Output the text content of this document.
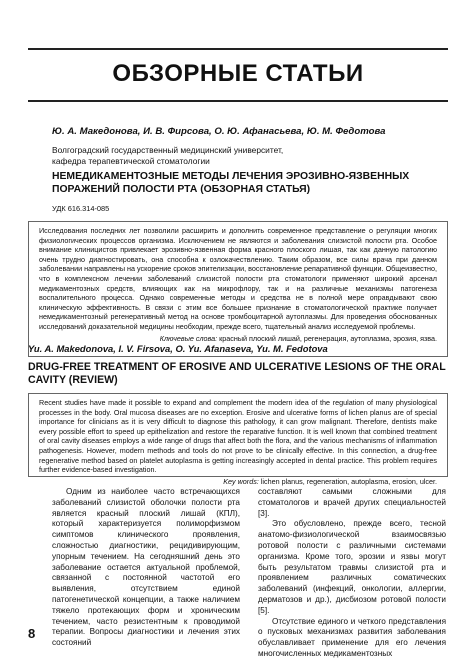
ОБЗОРНЫЕ СТАТЬИ
Ю. А. Македонова, И. В. Фирсова, О. Ю. Афанасьева, Ю. М. Федотова
Волгоградский государственный медицинский университет,
кафедра терапевтической стоматологии
НЕМЕДИКАМЕНТОЗНЫЕ МЕТОДЫ ЛЕЧЕНИЯ ЭРОЗИВНО-ЯЗВЕННЫХ ПОРАЖЕНИЙ ПОЛОСТИ РТА (ОБЗОРНАЯ СТАТЬЯ)
УДК 616.314-085
Исследования последних лет позволили расширить и дополнить современное представление о регуляции многих физиологических процессов организма. Исключением не являются и заболевания слизистой полости рта. Особое внимание клиницистов привлекает эрозивно-язвенная форма красного плоского лишая, так как данную патологию очень трудно диагностировать, она способна к озлокачествлению. Таким образом, все силы врача при данном заболевании направлены на ускорение сроков эпителизации, восстановление репаративной функции. Общеизвестно, что в комплексном лечении заболеваний слизистой полости рта стоматологи применяют широкий арсенал медикаментозных средств, влияющих как на микрофлору, так и на различные механизмы патогенеза воспалительного процесса. Однако современные методы и средства не в полной мере оправдывают свою клиническую эффективность. В связи с этим все большее признание в стоматологической практике получает немедикаментозный регенеративный метод на основе тромбоцитарной аутоплазмы. Для проведения обоснованных исследований доказательной медицины необходим, прежде всего, тщательный анализ исследуемой проблемы.
Ключевые слова: красный плоский лишай, регенерация, аутоплазма, эрозия, язва.
Yu. A. Makedonova, I. V. Firsova, O. Yu. Afanaseva, Yu. M. Fedotova
DRUG-FREE TREATMENT OF EROSIVE AND ULCERATIVE LESIONS OF THE ORAL CAVITY (REVIEW)
Recent studies have made it possible to expand and complement the modern idea of the regulation of many physiological processes in the body. Oral mucosa diseases are no exception. Erosive and ulcerative forms of lichen planus are of special importance for clinicians as it is very difficult to diagnose this pathology, it can grow malignant. Therefore, dentists make every possible effort to speed up epithelization and restore the reparative function. It is well known that combined treatment of oral cavity diseases employs a wide range of drugs that affect both the flora, and the various mechanisms of inflammation pathogenesis. However, modern methods and tools do not prove to be clinically effective. In this connection, a drug-free regenerative method based on platelet autoplasma is getting increasingly accepted in dental practice. This problem requires further evidence-based investigation.
Key words: lichen planus, regeneration, autoplasma, erosion, ulcer.

Одним из наиболее часто встречающихся заболеваний слизистой оболочки полости рта является красный плоский лишай (КПЛ), который характеризуется полиморфизмом симптомов клинического проявления, сложностью диагностики, рецидивирующим, упорным течением. На сегодняшний день это заболевание остается актуальной проблемой, связанной с постоянной частотой его выявления, отсутствием единой патогенетической концепции, а также наличием тяжело протекающих форм и хроническим течением, часто резистентным к проводимой терапии. Вопросы диагностики и лечения этих состояний

составляют самыми сложными для стоматологов и врачей других специальностей [3].

Это обусловлено, прежде всего, тесной анатомо-физиологической взаимосвязью ротовой полости с различными системами организма. Кроме того, эрозии и язвы могут быть результатом травмы слизистой рта и проявлением различных соматических заболеваний (инфекций, онкологии, аллергии, дерматозов и др.), дисбиозом ротовой полости [5].

Отсутствие единого и четкого представления о пусковых механизмах развития заболевания обуславливает применение для его лечения многочисленных медикаментозных

8
